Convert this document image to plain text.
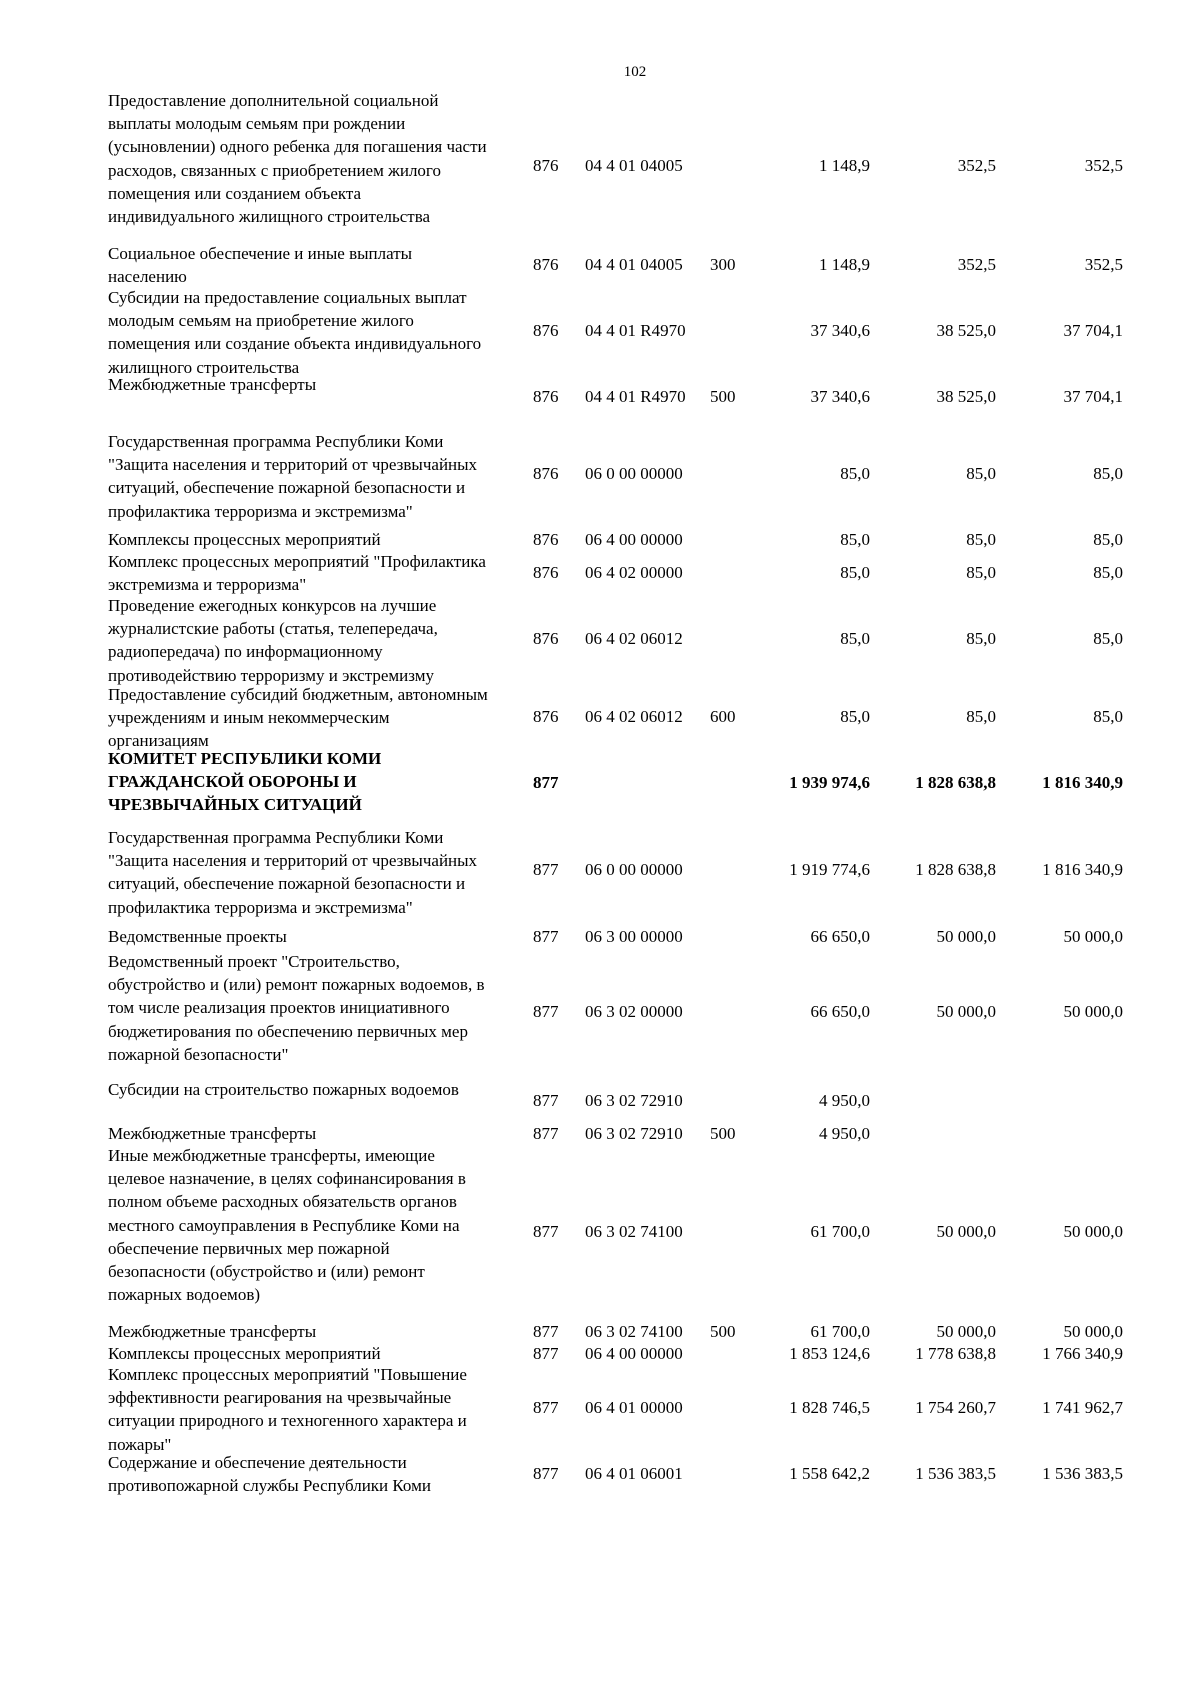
102
Предоставление дополнительной социальной
выплаты молодым семьям при рождении
(усыновлении) одного ребенка для погашения части
расходов, связанных с приобретением жилого
помещения или созданием объекта
индивидуального жилищного строительства
876 04 4 01 04005	1 148,9	352,5	352,5
Социальное обеспечение и иные выплаты
населению
876 04 4 01 04005 300	1 148,9	352,5	352,5
Субсидии на предоставление социальных выплат
молодым семьям на приобретение жилого
помещения или создание объекта индивидуального
жилищного строительства
876 04 4 01 R4970	37 340,6	38 525,0	37 704,1
Межбюджетные трансферты
876 04 4 01 R4970 500	37 340,6	38 525,0	37 704,1
Государственная программа Республики Коми
"Защита населения и территорий от чрезвычайных
ситуаций, обеспечение пожарной безопасности и
профилактика терроризма и экстремизма"
876 06 0 00 00000	85,0	85,0	85,0
Комплексы процессных мероприятий	876 06 4 00 00000	85,0	85,0	85,0
Комплекс процессных мероприятий "Профилактика
экстремизма и терроризма"
876 06 4 02 00000	85,0	85,0	85,0
Проведение ежегодных конкурсов на лучшие
журналистские работы (статья, телепередача,
радиопередача) по информационному
противодействию терроризму и экстремизму
876 06 4 02 06012	85,0	85,0	85,0
Предоставление субсидий бюджетным, автономным
учреждениям и иным некоммерческим
организациям
876 06 4 02 06012 600	85,0	85,0	85,0
КОМИТЕТ РЕСПУБЛИКИ КОМИ
ГРАЖДАНСКОЙ ОБОРОНЫ И
ЧРЕЗВЫЧАЙНЫХ СИТУАЦИЙ
877	1 939 974,6	1 828 638,8	1 816 340,9
Государственная программа Республики Коми
"Защита населения и территорий от чрезвычайных
ситуаций, обеспечение пожарной безопасности и
профилактика терроризма и экстремизма"
877 06 0 00 00000	1 919 774,6	1 828 638,8	1 816 340,9
Ведомственные проекты	877 06 3 00 00000	66 650,0	50 000,0	50 000,0
Ведомственный проект "Строительство,
обустройство и (или) ремонт пожарных водоемов, в
том числе реализация проектов инициативного
бюджетирования по обеспечению первичных мер
пожарной безопасности"
877 06 3 02 00000	66 650,0	50 000,0	50 000,0
Субсидии на строительство пожарных водоемов
877 06 3 02 72910	4 950,0
Межбюджетные трансферты	877 06 3 02 72910 500	4 950,0
Иные межбюджетные трансферты, имеющие
целевое назначение, в целях софинансирования в
полном объеме расходных обязательств органов
местного самоуправления в Республике Коми на
обеспечение первичных мер пожарной
безопасности (обустройство и (или) ремонт
пожарных водоемов)
877 06 3 02 74100	61 700,0	50 000,0	50 000,0
Межбюджетные трансферты	877 06 3 02 74100 500	61 700,0	50 000,0	50 000,0
Комплексы процессных мероприятий	877 06 4 00 00000	1 853 124,6	1 778 638,8	1 766 340,9
Комплекс процессных мероприятий "Повышение
эффективности реагирования на чрезвычайные
ситуации природного и техногенного характера и
пожары"
877 06 4 01 00000	1 828 746,5	1 754 260,7	1 741 962,7
Содержание и обеспечение деятельности
противопожарной службы Республики Коми
877 06 4 01 06001	1 558 642,2	1 536 383,5	1 536 383,5
